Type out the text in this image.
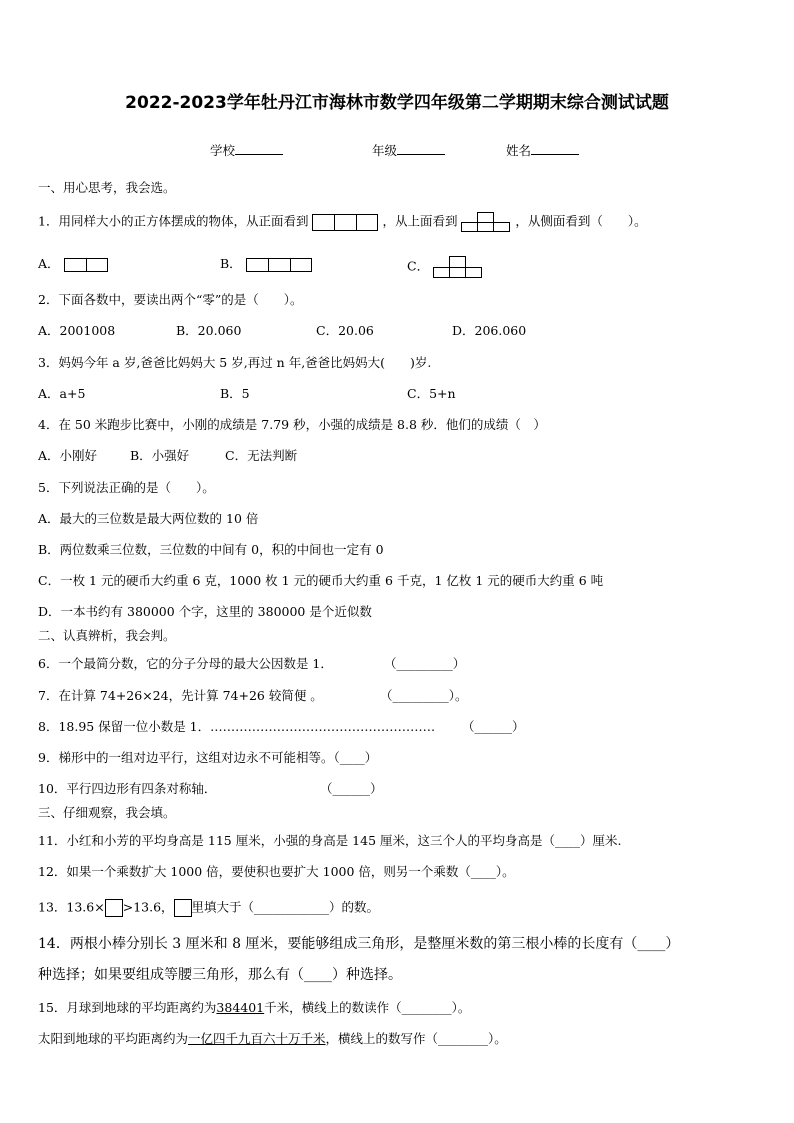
2022-2023学年牡丹江市海林市数学四年级第二学期期末综合测试试题
学校	年级	姓名
一、用心思考，我会选。
1．用同样大小的正方体摆成的物体，从正面看到	，从上面看到	，从侧面看到（　　）。
A．	B．	C．
2．下面各数中，要读出两个“零”的是（　　）。
A．2001008	B．20.060	C．20.06	D．206.060
3．妈妈今年 a 岁,爸爸比妈妈大 5 岁,再过 n 年,爸爸比妈妈大(　　)岁.
A．a+5	B．5	C．5+n
4．在 50 米跑步比赛中，小刚的成绩是 7.79 秒，小强的成绩是 8.8 秒．他们的成绩（　）
A．小刚好	B．小强好	C．无法判断
5．下列说法正确的是（　　）。
A．最大的三位数是最大两位数的 10 倍
B．两位数乘三位数，三位数的中间有 0，积的中间也一定有 0
C．一枚 1 元的硬币大约重 6 克，1000 枚 1 元的硬币大约重 6 千克，1 亿枚 1 元的硬币大约重 6 吨
D．一本书约有 380000 个字，这里的 380000 是个近似数
二、认真辨析，我会判。
6．一个最简分数，它的分子分母的最大公因数是 1．	（_________）
7．在计算 74+26×24，先计算 74+26 较简便 。	（_________）。
8．18.95 保留一位小数是 1．……………………………………………… （______）
9．梯形中的一组对边平行，这组对边永不可能相等。（____）
10．平行四边形有四条对称轴．	（______）
三、仔细观察，我会填。
11．小红和小芳的平均身高是 115 厘米，小强的身高是 145 厘米，这三个人的平均身高是（____）厘米.
12．如果一个乘数扩大 1000 倍，要使积也要扩大 1000 倍，则另一个乘数（____）。
13．13.6× >13.6， 里填大于（____________）的数。
14．两根小棒分别长 3 厘米和 8 厘米，要能够组成三角形，是整厘米数的第三根小棒的长度有（____）
种选择；如果要组成等腰三角形，那么有（____）种选择。
15．月球到地球的平均距离约为384401千米，横线上的数读作（________）。
太阳到地球的平均距离约为一亿四千九百六十万千米，横线上的数写作（________）。
